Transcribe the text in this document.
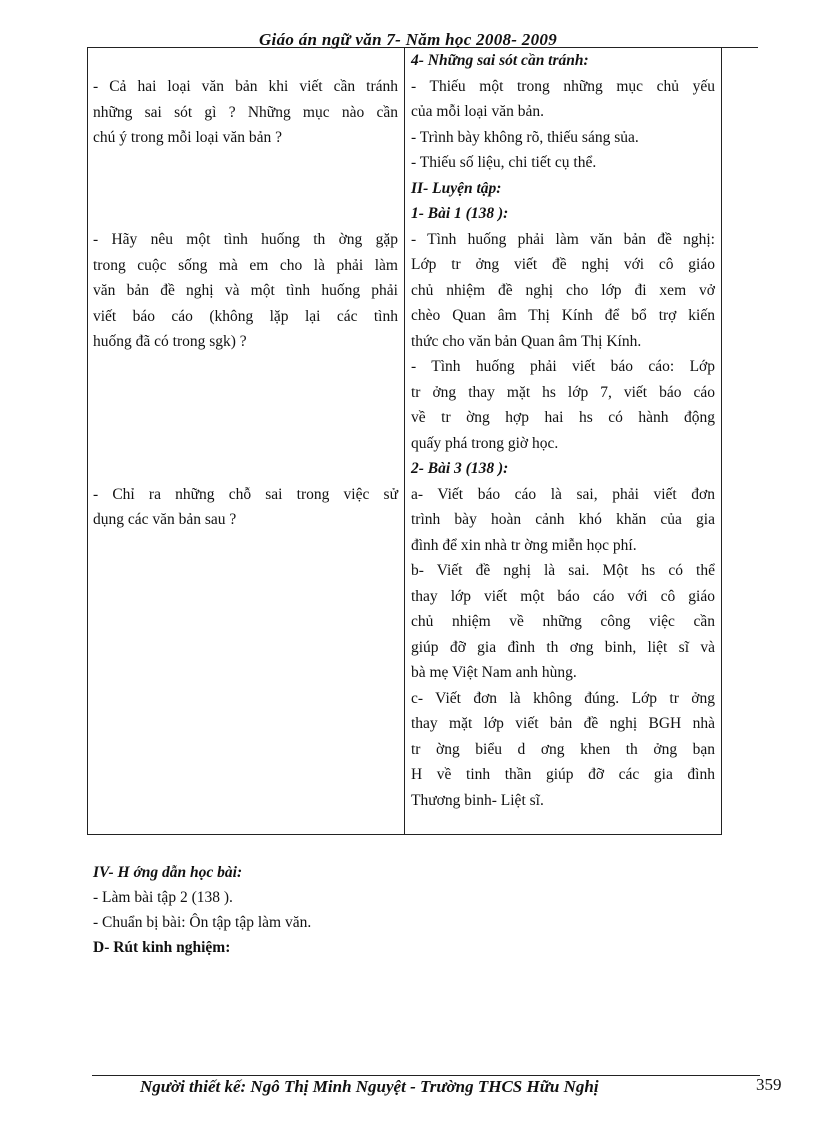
Giáo án ngữ văn 7- Năm học 2008- 2009
- Cả hai loại văn bản khi viết cần tránh
những sai sót gì ? Những mục nào cần
chú ý trong mỗi loại văn bản ?
- Hãy nêu một tình huống th ờng gặp
trong cuộc sống mà em cho là phải làm
văn bản đề nghị và một tình huống phải
viết báo cáo (không lặp lại các tình
huống đã có trong sgk) ?
- Chỉ ra những chỗ sai trong việc sử
dụng các văn bản sau ?
4- Những sai sót cần tránh:
- Thiếu một trong những mục chủ yếu
của mỗi loại văn bản.
- Trình bày không rõ, thiếu sáng sủa.
- Thiếu số liệu, chi tiết cụ thể.
II- Luyện tập:
1- Bài 1 (138 ):
- Tình huống phải làm văn bản đề nghị:
Lớp tr ởng viết đề nghị với cô giáo
chủ nhiệm đề nghị cho lớp đi xem vở
chèo Quan âm Thị Kính để bổ trợ kiến
thức cho văn bản Quan âm Thị Kính.
- Tình huống phải viết báo cáo: Lớp
tr ởng thay mặt hs lớp 7, viết báo cáo
về tr ờng hợp hai hs có hành động
quấy phá trong giờ học.
2- Bài 3 (138 ):
a- Viết báo cáo là sai, phải viết đơn
trình bày hoàn cảnh khó khăn của gia
đình để xin nhà tr ờng miễn học phí.
b- Viết đề nghị là sai. Một hs có thể
thay lớp viết một báo cáo với cô giáo
chủ nhiệm về những công việc cần
giúp đỡ gia đình th ơng binh, liệt sĩ và
bà mẹ Việt Nam anh hùng.
c- Viết đơn là không đúng. Lớp tr ởng
thay mặt lớp viết bản đề nghị BGH nhà
tr ờng biểu d ơng khen th ởng bạn
H về tinh thần giúp đỡ các gia đình
Thương binh- Liệt sĩ.
IV- H ớng dẫn học bài:
- Làm bài tập 2 (138 ).
- Chuẩn bị bài: Ôn tập tập làm văn.
D- Rút kinh nghiệm:
Người thiết kế: Ngô Thị Minh Nguyệt - Trường THCS Hữu Nghị	359
